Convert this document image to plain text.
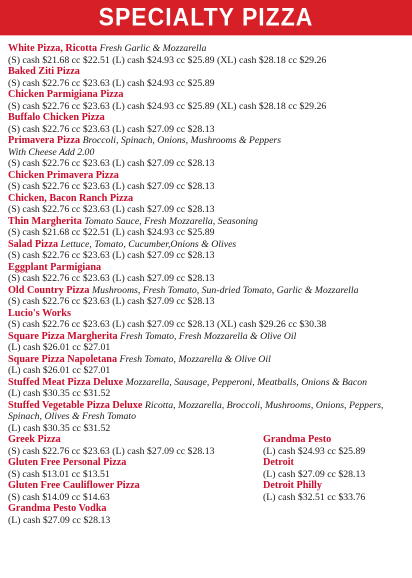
SPECIALTY PIZZA
White Pizza, Ricotta Fresh Garlic & Mozzarella
(S) cash $21.68 cc $22.51 (L) cash $24.93 cc $25.89 (XL) cash $28.18 cc $29.26
Baked Ziti Pizza
(S) cash $22.76 cc $23.63 (L) cash $24.93 cc $25.89
Chicken Parmigiana Pizza
(S) cash $22.76 cc $23.63 (L) cash $24.93 cc $25.89 (XL) cash $28.18 cc $29.26
Buffalo Chicken Pizza
(S) cash $22.76 cc $23.63 (L) cash $27.09 cc $28.13
Primavera Pizza Broccoli, Spinach, Onions, Mushrooms & Peppers
With Cheese Add 2.00
(S) cash $22.76 cc $23.63 (L) cash $27.09 cc $28.13
Chicken Primavera Pizza
(S) cash $22.76 cc $23.63 (L) cash $27.09 cc $28.13
Chicken, Bacon Ranch Pizza
(S) cash $22.76 cc $23.63 (L) cash $27.09 cc $28.13
Thin Margherita Tomato Sauce, Fresh Mozzarella, Seasoning
(S) cash $21.68 cc $22.51 (L) cash $24.93 cc $25.89
Salad Pizza Lettuce, Tomato, Cucumber,Onions & Olives
(S) cash $22.76 cc $23.63 (L) cash $27.09 cc $28.13
Eggplant Parmigiana
(S) cash $22.76 cc $23.63 (L) cash $27.09 cc $28.13
Old Country Pizza Mushrooms, Fresh Tomato, Sun-dried Tomato, Garlic & Mozzarella
(S) cash $22.76 cc $23.63 (L) cash $27.09 cc $28.13
Lucio's Works
(S) cash $22.76 cc $23.63 (L) cash $27.09 cc $28.13 (XL) cash $29.26 cc $30.38
Square Pizza Margherita Fresh Tomato, Fresh Mozzarella & Olive Oil
(L) cash $26.01 cc $27.01
Square Pizza Napoletana Fresh Tomato, Mozzarella & Olive Oil
(L) cash $26.01 cc $27.01
Stuffed Meat Pizza Deluxe Mozzarella, Sausage, Pepperoni, Meatballs, Onions & Bacon
(L) cash $30.35 cc $31.52
Stuffed Vegetable Pizza Deluxe Ricotta, Mozzarella, Broccoli, Mushrooms, Onions, Peppers, Spinach, Olives & Fresh Tomato
(L) cash $30.35 cc $31.52
Greek Pizza
(S) cash $22.76 cc $23.63 (L) cash $27.09 cc $28.13
Gluten Free Personal Pizza
(S) cash $13.01 cc $13.51
Gluten Free Cauliflower Pizza
(S) cash $14.09 cc $14.63
Grandma Pesto Vodka
(L) cash $27.09 cc $28.13
Grandma Pesto
(L) cash $24.93 cc $25.89
Detroit
(L) cash $27.09 cc $28.13
Detroit Philly
(L) cash $32.51 cc $33.76
